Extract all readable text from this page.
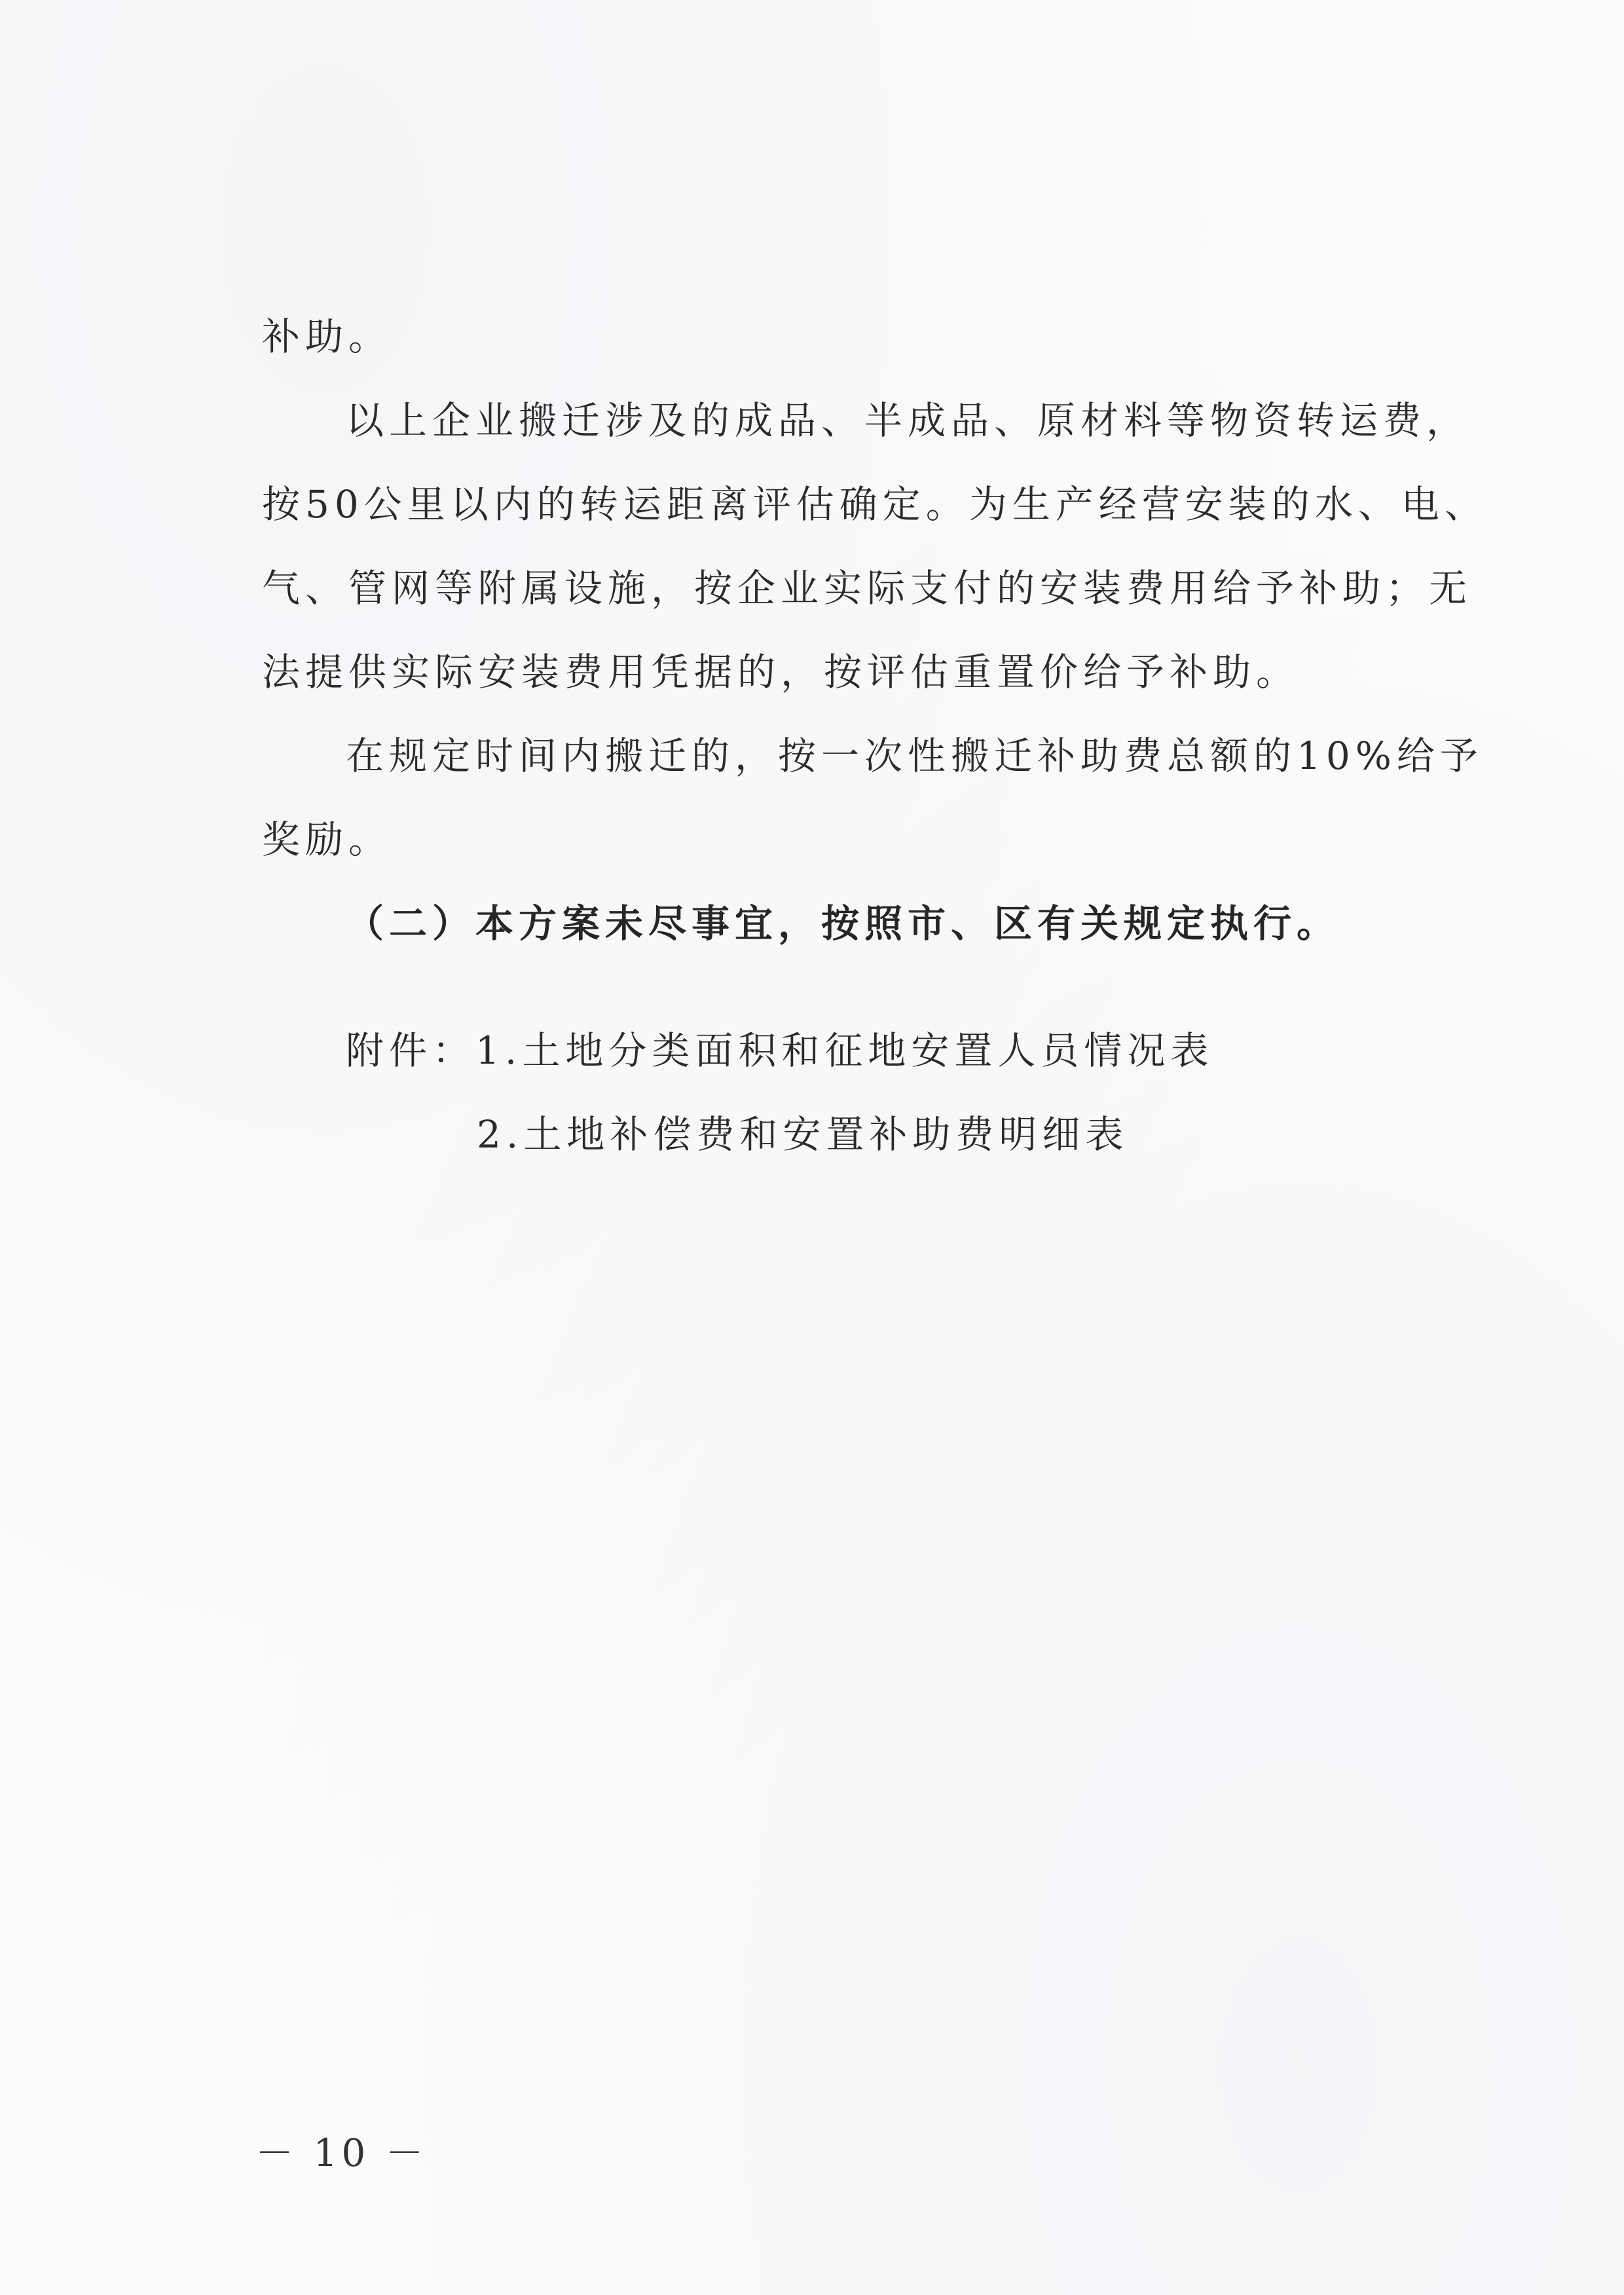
补助。
以上企业搬迁涉及的成品、半成品、原材料等物资转运费，
按50公里以内的转运距离评估确定。为生产经营安装的水、电、
气、管网等附属设施，按企业实际支付的安装费用给予补助；无
法提供实际安装费用凭据的，按评估重置价给予补助。
在规定时间内搬迁的，按一次性搬迁补助费总额的10%给予
奖励。
（二）本方案未尽事宜，按照市、区有关规定执行。
附件：1.土地分类面积和征地安置人员情况表
2.土地补偿费和安置补助费明细表
－ 10 －
